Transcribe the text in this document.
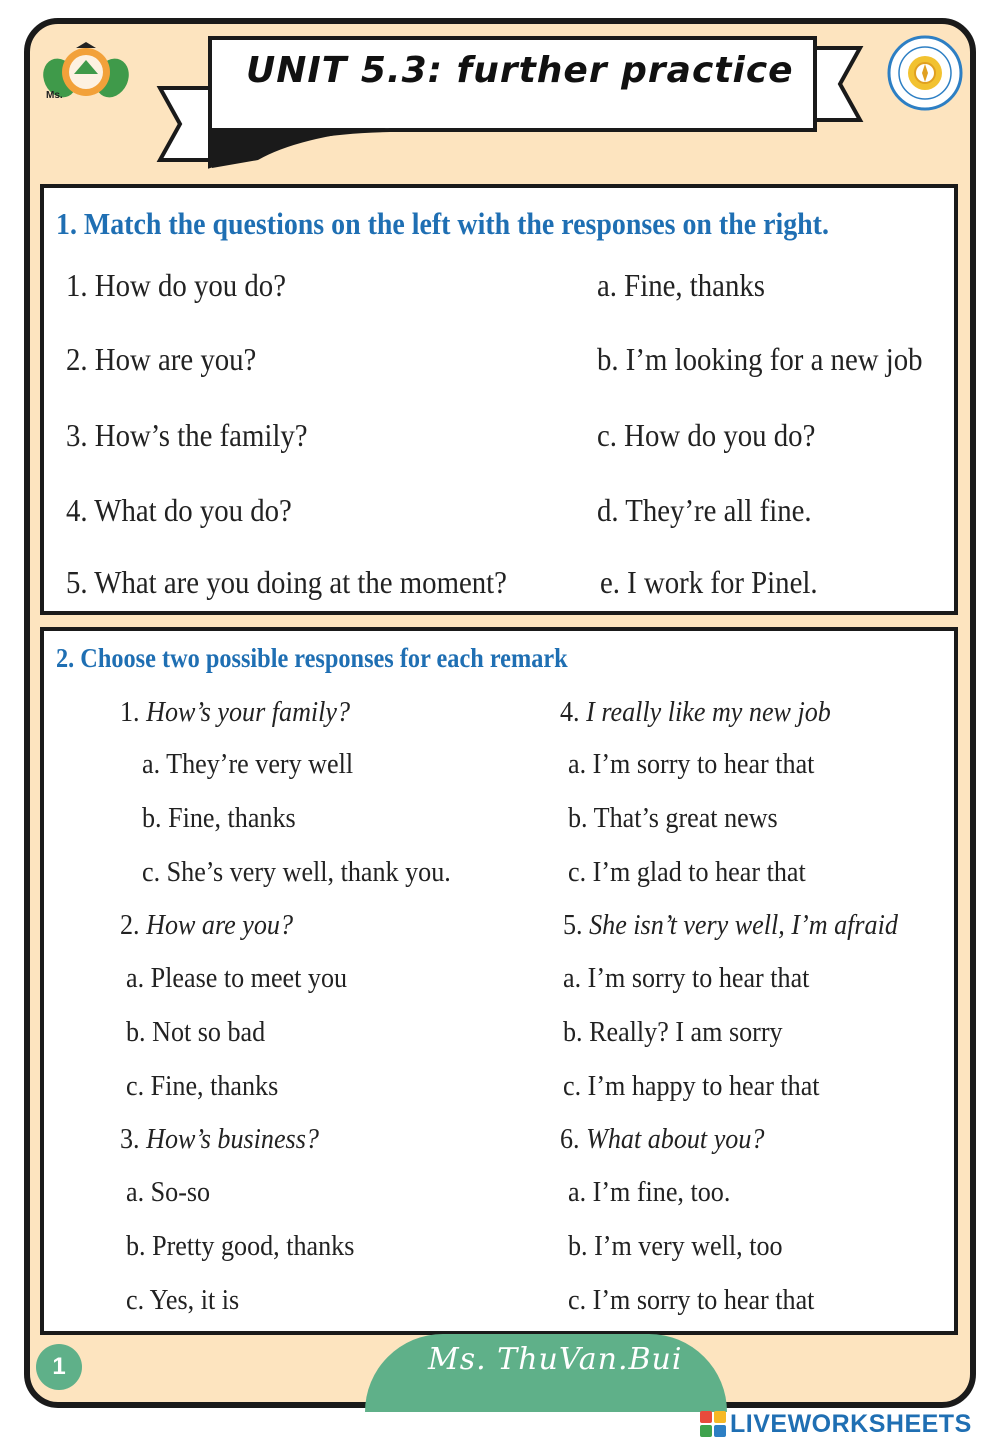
Ms.
UNIT 5.3: further practice
1. Match the questions on the left with the responses on the right.
1. How do you do?
2. How are you?
3. How’s the family?
4. What do you do?
5. What are you doing at the moment?
a. Fine, thanks
b. I’m looking for a new job
c. How do you do?
d. They’re all fine.
e. I work for Pinel.
2. Choose two possible responses for each remark
1. How’s your family?
a. They’re very well
b. Fine, thanks
c. She’s very well, thank you.
2. How are you?
a. Please to meet you
b. Not so bad
c. Fine, thanks
3. How’s business?
a. So-so
b. Pretty good, thanks
c. Yes, it is
4. I really like my new job
a. I’m sorry to hear that
b. That’s great news
c. I’m glad to hear that
5. She isn’t very well, I’m afraid
a. I’m sorry to hear that
b. Really? I am sorry
c. I’m happy to hear that
6. What about you?
a. I’m fine, too.
b. I’m very well, too
c. I’m sorry to hear that
1	Ms. ThuVan.Bui
LIVEWORKSHEETS
